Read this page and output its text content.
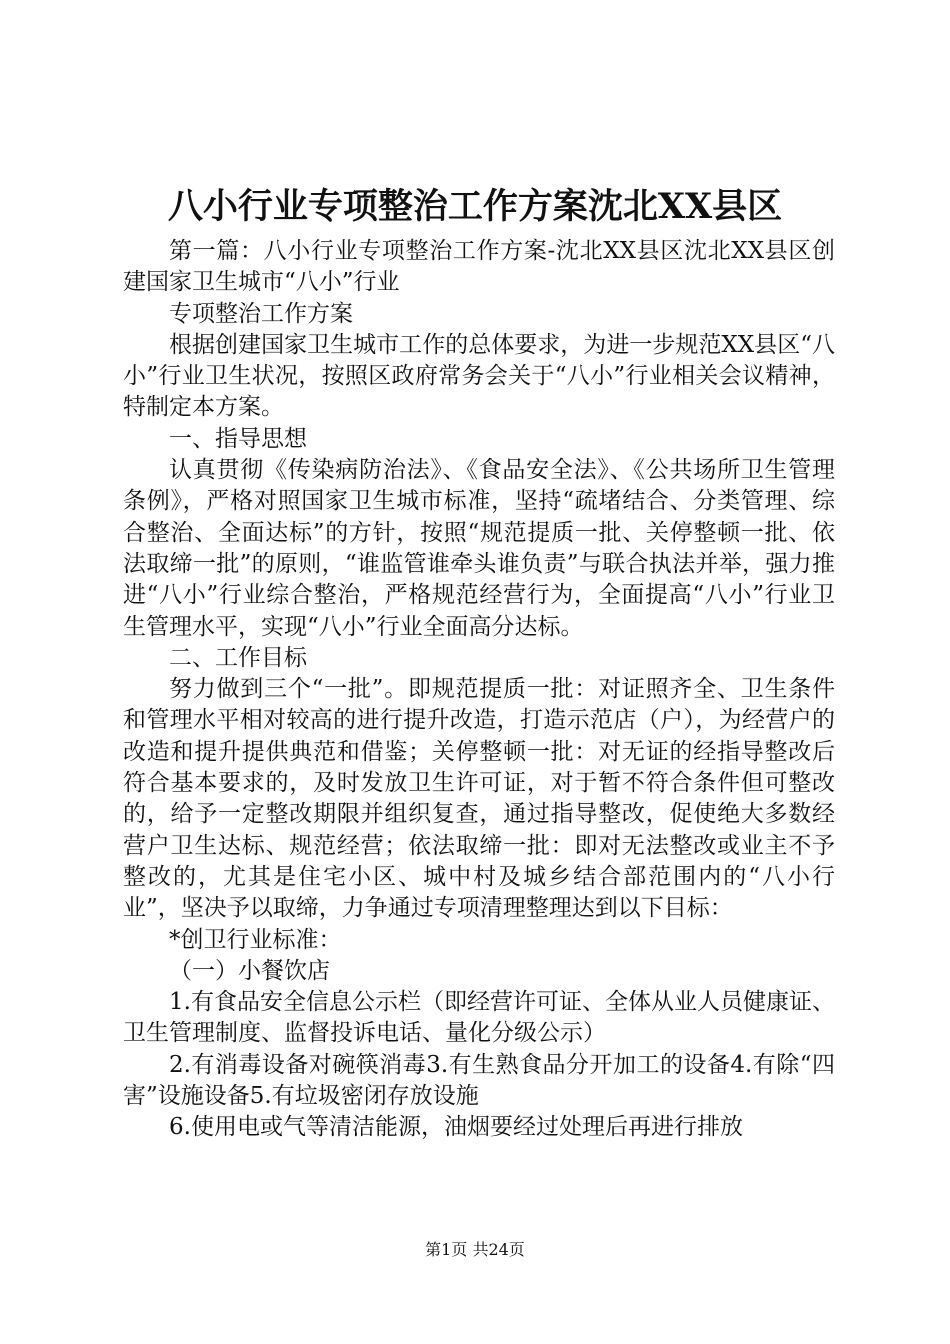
八小行业专项整治工作方案沈北XX县区

第一篇：八小行业专项整治工作方案-沈北XX县区沈北XX县区创建国家卫生城市“八小”行业

专项整治工作方案

根据创建国家卫生城市工作的总体要求，为进一步规范XX县区“八小”行业卫生状况，按照区政府常务会关于“八小”行业相关会议精神，特制定本方案。

一、指导思想

认真贯彻《传染病防治法》、《食品安全法》、《公共场所卫生管理条例》，严格对照国家卫生城市标准，坚持“疏堵结合、分类管理、综合整治、全面达标”的方针，按照“规范提质一批、关停整顿一批、依法取缔一批”的原则，“谁监管谁牵头谁负责”与联合执法并举，强力推进“八小”行业综合整治，严格规范经营行为，全面提高“八小”行业卫生管理水平，实现“八小”行业全面高分达标。

二、工作目标

努力做到三个“一批”。即规范提质一批：对证照齐全、卫生条件和管理水平相对较高的进行提升改造，打造示范店（户），为经营户的改造和提升提供典范和借鉴；关停整顿一批：对无证的经指导整改后符合基本要求的，及时发放卫生许可证，对于暂不符合条件但可整改的，给予一定整改期限并组织复查，通过指导整改，促使绝大多数经营户卫生达标、规范经营；依法取缔一批：即对无法整改或业主不予整改的，尤其是住宅小区、城中村及城乡结合部范围内的“八小行业”，坚决予以取缔，力争通过专项清理整理达到以下目标：

*创卫行业标准：

（一）小餐饮店

1.有食品安全信息公示栏（即经营许可证、全体从业人员健康证、卫生管理制度、监督投诉电话、量化分级公示）

2.有消毒设备对碗筷消毒3.有生熟食品分开加工的设备4.有除“四害”设施设备5.有垃圾密闭存放设施

6.使用电或气等清洁能源，油烟要经过处理后再进行排放

第1页 共24页
